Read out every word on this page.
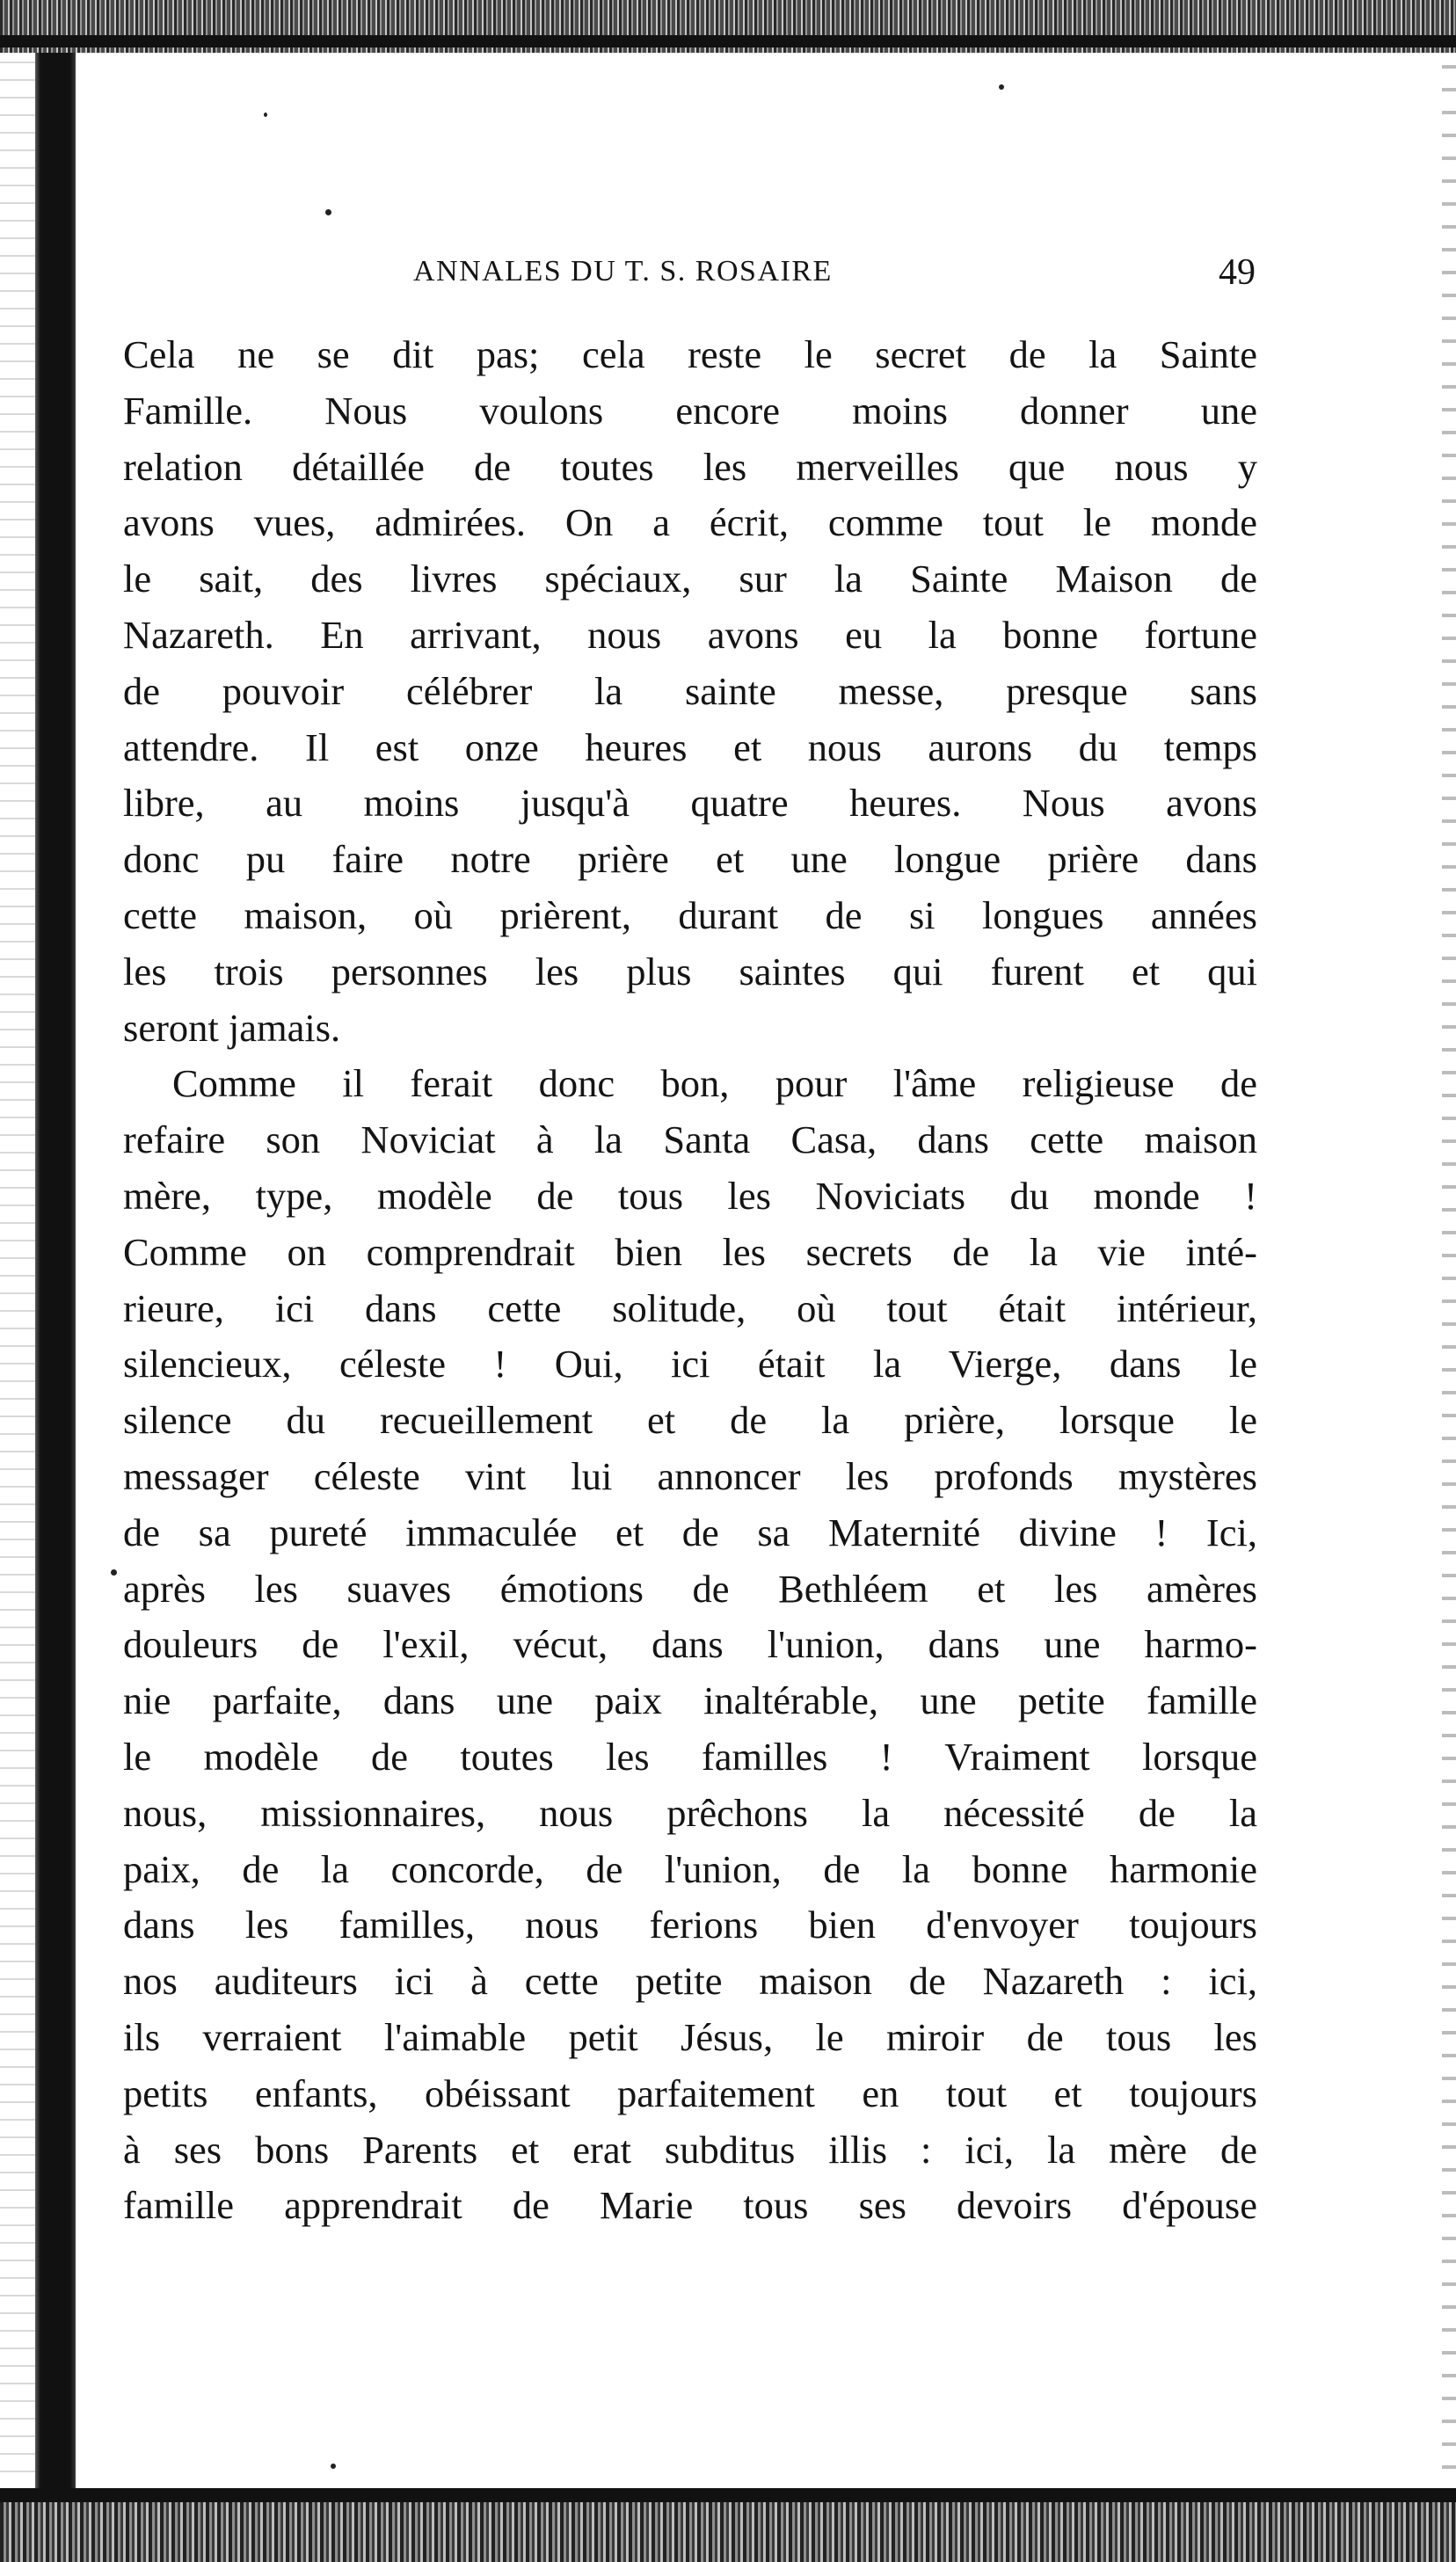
ANNALES DU T. S. ROSAIRE	49
Cela ne se dit pas; cela reste le secret de la Sainte
Famille. Nous voulons encore moins donner une
relation détaillée de toutes les merveilles que nous y
avons vues, admirées. On a écrit, comme tout le monde
le sait, des livres spéciaux, sur la Sainte Maison de
Nazareth. En arrivant, nous avons eu la bonne fortune
de pouvoir célébrer la sainte messe, presque sans
attendre. Il est onze heures et nous aurons du temps
libre, au moins jusqu'à quatre heures. Nous avons
donc pu faire notre prière et une longue prière dans
cette maison, où prièrent, durant de si longues années
les trois personnes les plus saintes qui furent et qui
seront jamais.
Comme il ferait donc bon, pour l'âme religieuse de
refaire son Noviciat à la Santa Casa, dans cette maison
mère, type, modèle de tous les Noviciats du monde !
Comme on comprendrait bien les secrets de la vie inté-
rieure, ici dans cette solitude, où tout était intérieur,
silencieux, céleste ! Oui, ici était la Vierge, dans le
silence du recueillement et de la prière, lorsque le
messager céleste vint lui annoncer les profonds mystères
de sa pureté immaculée et de sa Maternité divine ! Ici,
après les suaves émotions de Bethléem et les amères
douleurs de l'exil, vécut, dans l'union, dans une harmo-
nie parfaite, dans une paix inaltérable, une petite famille
le modèle de toutes les familles ! Vraiment lorsque
nous, missionnaires, nous prêchons la nécessité de la
paix, de la concorde, de l'union, de la bonne harmonie
dans les familles, nous ferions bien d'envoyer toujours
nos auditeurs ici à cette petite maison de Nazareth : ici,
ils verraient l'aimable petit Jésus, le miroir de tous les
petits enfants, obéissant parfaitement en tout et toujours
à ses bons Parents et erat subditus illis : ici, la mère de
famille apprendrait de Marie tous ses devoirs d'épouse
